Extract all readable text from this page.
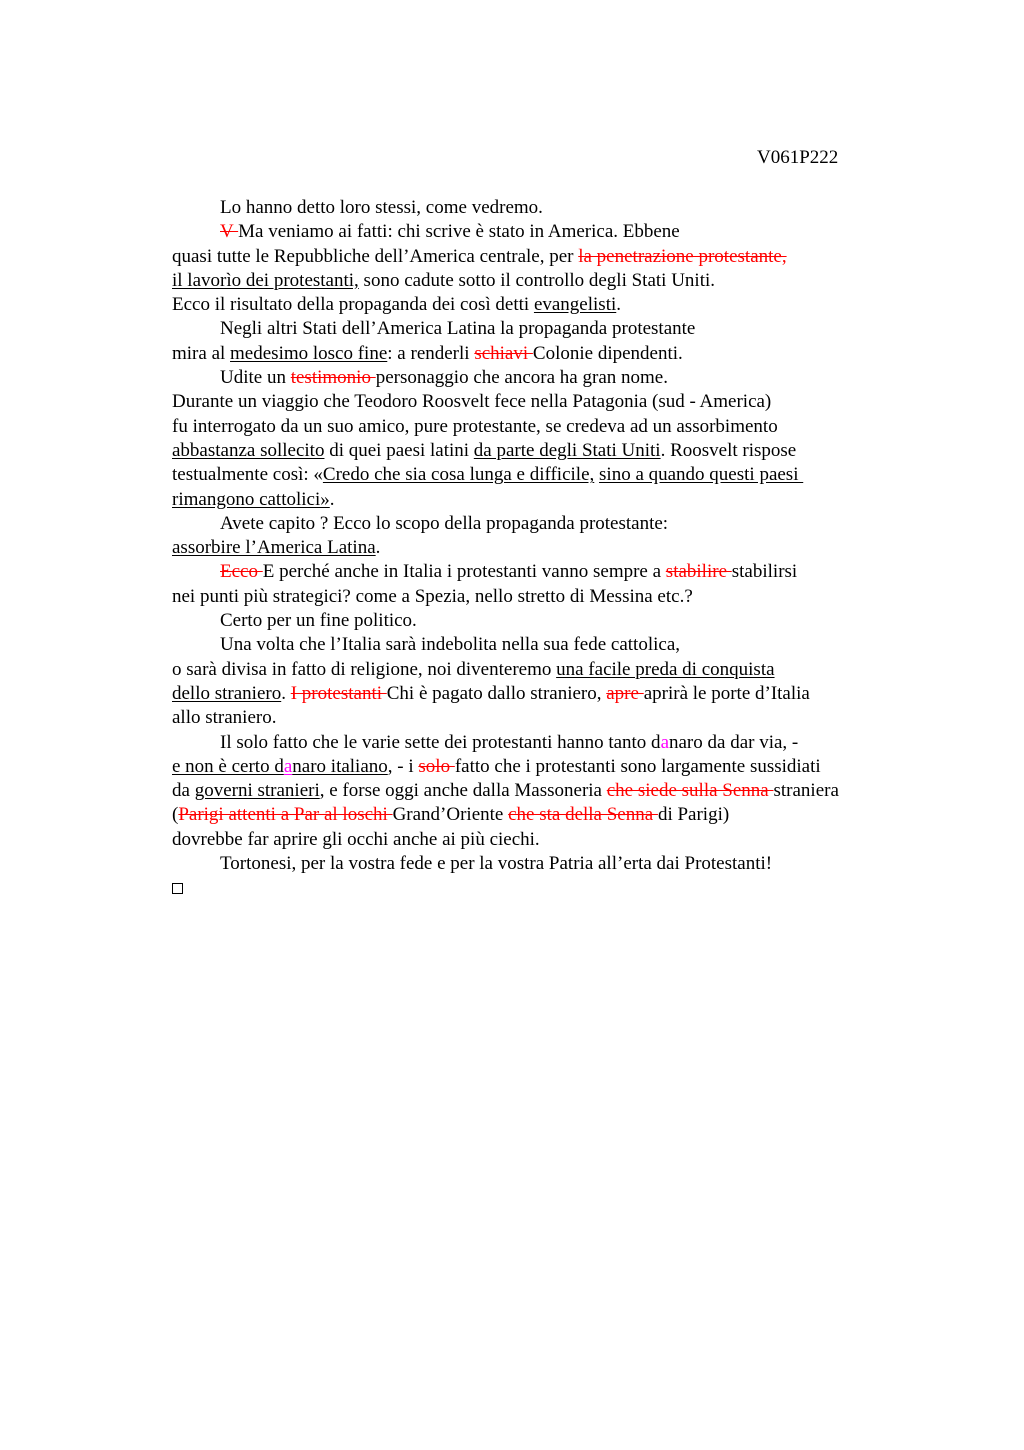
V061P222
Lo hanno detto loro stessi, come vedremo.
V Ma veniamo ai fatti: chi scrive è stato in America. Ebbene
quasi tutte le Repubbliche dell’America centrale, per la penetrazione protestante,
il lavorìo dei protestanti, sono cadute sotto il controllo degli Stati Uniti.
Ecco il risultato della propaganda dei così detti evangelisti.
Negli altri Stati dell’America Latina la propaganda protestante
mira al medesimo losco fine: a renderli schiavi Colonie dipendenti.
Udite un testimonio personaggio che ancora ha gran nome.
Durante un viaggio che Teodoro Roosvelt fece nella Patagonia (sud - America)
fu interrogato da un suo amico, pure protestante, se credeva ad un assorbimento
abbastanza sollecito di quei paesi latini da parte degli Stati Uniti. Roosvelt rispose
testualmente così: «Credo che sia cosa lunga e difficile, sino a quando questi paesi
rimangono cattolici».
Avete capito ? Ecco lo scopo della propaganda protestante:
assorbire l’America Latina.
Ecco E perché anche in Italia i protestanti vanno sempre a stabilire stabilirsi
nei punti più strategici? come a Spezia, nello stretto di Messina etc.?
Certo per un fine politico.
Una volta che l’Italia sarà indebolita nella sua fede cattolica,
o sarà divisa in fatto di religione, noi diventeremo una facile preda di conquista
dello straniero. I protestanti Chi è pagato dallo straniero, apre aprirà le porte d’Italia
allo straniero.
Il solo fatto che le varie sette dei protestanti hanno tanto danaro da dar via, -
e non è certo danaro italiano, - i solo fatto che i protestanti sono largamente sussidiati
da governi stranieri, e forse oggi anche dalla Massoneria che siede sulla Senna straniera
(Parigi attenti a Par al loschi Grand’Oriente che sta della Senna di Parigi)
dovrebbe far aprire gli occhi anche ai più ciechi.
Tortonesi, per la vostra fede e per la vostra Patria all’erta dai Protestanti!
